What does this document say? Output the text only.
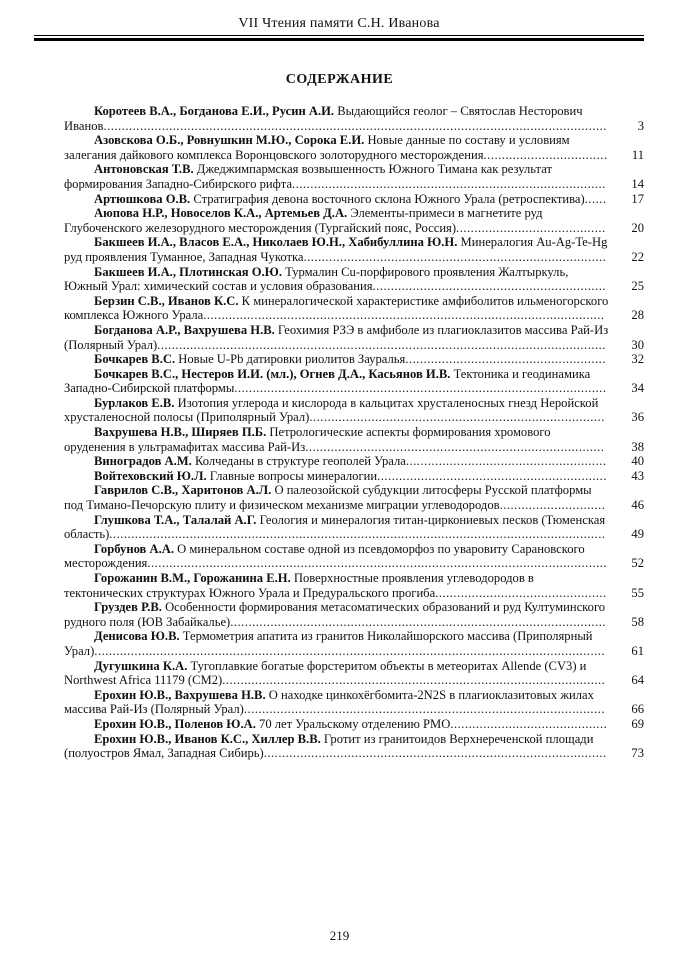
VII Чтения памяти С.Н. Иванова
СОДЕРЖАНИЕ
Коротеев В.А., Богданова Е.И., Русин А.И. Выдающийся геолог – Святослав Несторович Иванов..........................................................................................................................................	3
Азовскова О.Б., Ровнушкин М.Ю., Сорока Е.И. Новые данные по составу и условиям залегания дайкового комплекса Воронцовского золоторудного месторождения..................................	11
Антоновская Т.В. Джеджимпармская возвышенность Южного Тимана как результат формирования Западно-Сибирского рифта......................................................................................	14
Артюшкова О.В. Стратиграфия девона восточного склона Южного Урала (ретроспектива)......	17
Аюпова Н.Р., Новоселов К.А., Артемьев Д.А. Элементы-примеси в магнетите руд Глубоченского железорудного месторождения (Тургайский пояс, Россия).........................................	20
Бакшеев И.А., Власов Е.А., Николаев Ю.Н., Хабибуллина Ю.Н. Минералогия Au-Ag-Te-Hg руд проявления Туманное, Западная Чукотка...................................................................................	22
Бакшеев И.А., Плотинская О.Ю. Турмалин Cu-порфирового проявления Жалтыркуль, Южный Урал: химический состав и условия образования................................................................	25
Берзин С.В., Иванов К.С. К минералогической характеристике амфиболитов ильменогорского комплекса Южного Урала..............................................................................................................	28
Богданова А.Р., Вахрушева Н.В. Геохимия РЗЭ в амфиболе из плагиоклазитов массива Рай-Из (Полярный Урал)...........................................................................................................................	30
Бочкарев В.С. Новые U-Pb датировки риолитов Зауралья.......................................................	32
Бочкарев В.С., Нестеров И.И. (мл.), Огнев Д.А., Касьянов И.В. Тектоника и геодинамика Западно-Сибирской платформы......................................................................................................	34
Бурлаков Е.В. Изотопия углерода и кислорода в кальцитах хрусталеносных гнезд Неройской хрусталеносной полосы (Приполярный Урал).................................................................................	36
Вахрушева Н.В., Ширяев П.Б. Петрологические аспекты формирования хромового оруденения в ультрамафитах массива Рай-Из..................................................................................	38
Виноградов А.М. Колчеданы в структуре геополей Урала.......................................................	40
Войтеховский Ю.Л. Главные вопросы минералогии...............................................................	43
Гаврилов С.В., Харитонов А.Л. О палеозойской субдукции литосферы Русской платформы под Тимано-Печорскую плиту и физическом механизме миграции углеводородов.............................	46
Глушкова Т.А., Талалай А.Г. Геология и минералогия титан-циркониевых песков (Тюменская область)........................................................................................................................................	49
Горбунов А.А. О минеральном составе одной из псевдоморфоз по уваровиту Сарановского месторождения..............................................................................................................................	52
Горожанин В.М., Горожанина Е.Н. Поверхностные проявления углеводородов в тектонических структурах Южного Урала и Предуральского прогиба...............................................	55
Груздев Р.В. Особенности формирования метасоматических образований и руд Култуминского рудного поля (ЮВ Забайкалье).......................................................................................................	58
Денисова Ю.В. Термометрия апатита из гранитов Николайшорского массива (Приполярный Урал)............................................................................................................................................	61
Дугушкина К.А. Тугоплавкие богатые форстеритом объекты в метеоритах Allende (CV3) и Northwest Africa 11179 (CM2).........................................................................................................	64
Ерохин Ю.В., Вахрушева Н.В. О находке цинкохёгбомита-2N2S в плагиоклазитовых жилах массива Рай-Из (Полярный Урал)...................................................................................................	66
Ерохин Ю.В., Поленов Ю.А. 70 лет Уральскому отделению РМО...........................................	69
Ерохин Ю.В., Иванов К.С., Хиллер В.В. Гротит из гранитоидов Верхнереченской площади (полуостров Ямал, Западная Сибирь)..............................................................................................	73
219
